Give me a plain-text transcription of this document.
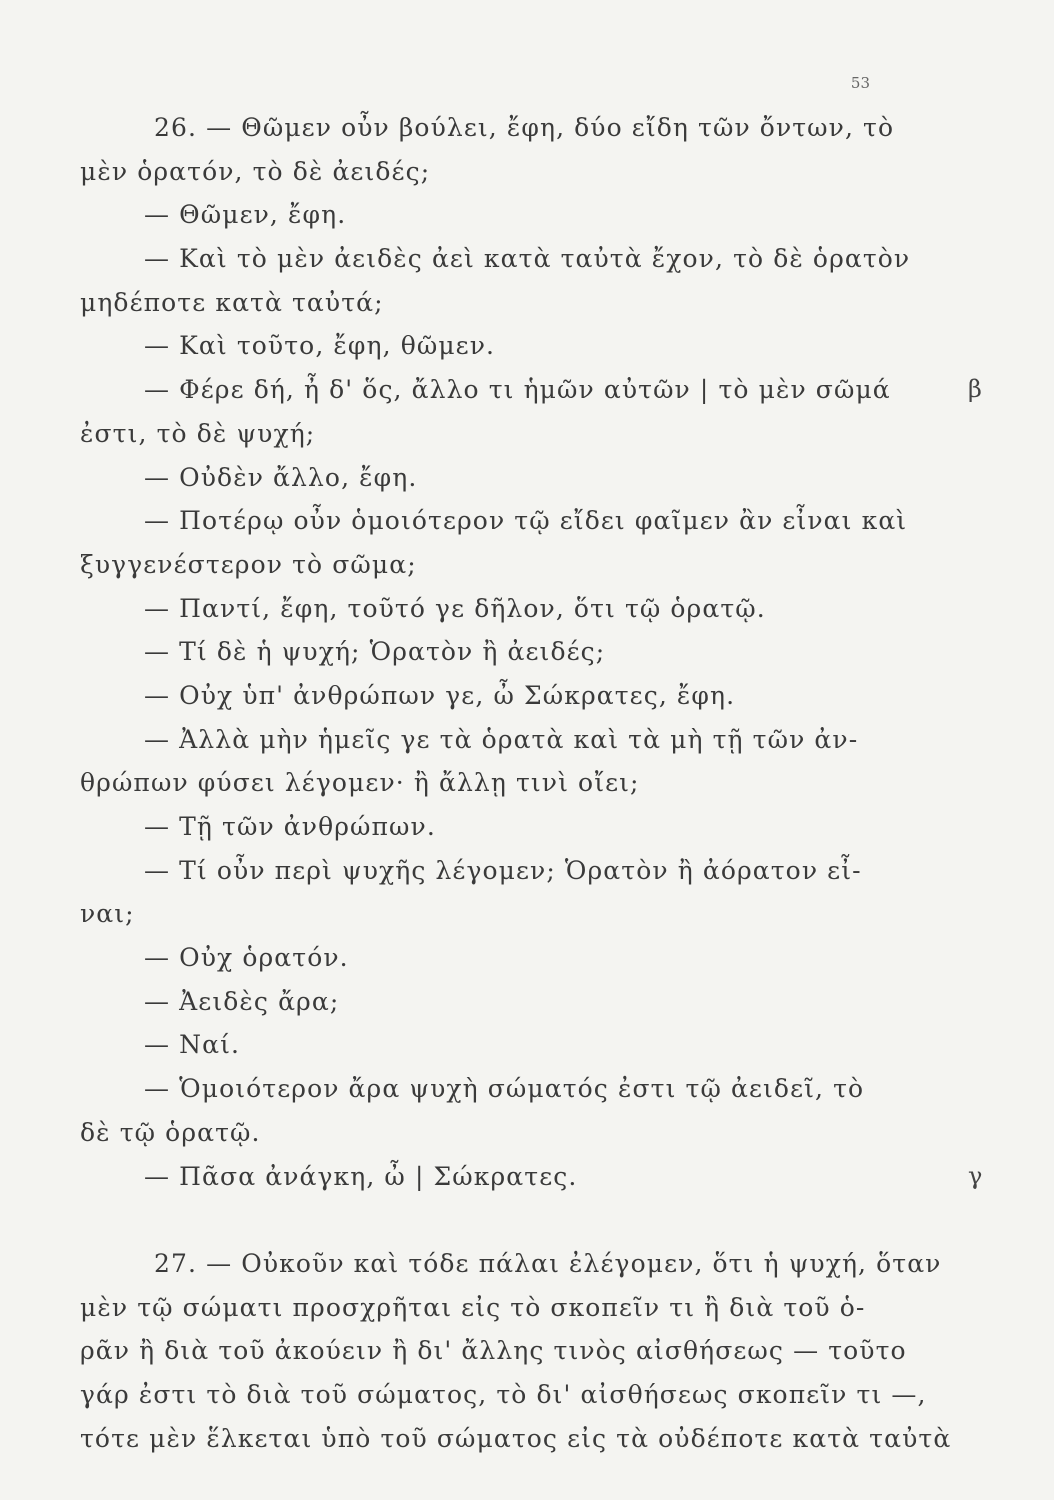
53
26. — Θῶμεν οὖν βούλει, ἔφη, δύο εἴδη τῶν ὄντων, τὸ
μὲν ὁρατόν, τὸ δὲ ἀειδές;
— Θῶμεν, ἔφη.
— Καὶ τὸ μὲν ἀειδὲς ἀεὶ κατὰ ταὐτὰ ἔχον, τὸ δὲ ὁρατὸν
μηδέποτε κατὰ ταὐτά;
— Καὶ τοῦτο, ἔφη, θῶμεν.
— Φέρε δή, ἦ δ' ὅς, ἄλλο τι ἡμῶν αὐτῶν | τὸ μὲν σῶμά	β
ἐστι, τὸ δὲ ψυχή;
— Οὐδὲν ἄλλο, ἔφη.
— Ποτέρῳ οὖν ὁμοιότερον τῷ εἴδει φαῖμεν ἂν εἶναι καὶ
ξυγγενέστερον τὸ σῶμα;
— Παντί, ἔφη, τοῦτό γε δῆλον, ὅτι τῷ ὁρατῷ.
— Τί δὲ ἡ ψυχή; Ὁρατὸν ἢ ἀειδές;
— Οὐχ ὑπ' ἀνθρώπων γε, ὦ Σώκρατες, ἔφη.
— Ἀλλὰ μὴν ἡμεῖς γε τὰ ὁρατὰ καὶ τὰ μὴ τῇ τῶν ἀν-
θρώπων φύσει λέγομεν· ἢ ἄλλῃ τινὶ οἴει;
— Τῇ τῶν ἀνθρώπων.
— Τί οὖν περὶ ψυχῆς λέγομεν; Ὁρατὸν ἢ ἀόρατον εἶ-
ναι;
— Οὐχ ὁρατόν.
— Ἀειδὲς ἄρα;
— Ναί.
— Ὁμοιότερον ἄρα ψυχὴ σώματός ἐστι τῷ ἀειδεῖ, τὸ
δὲ τῷ ὁρατῷ.
— Πᾶσα ἀνάγκη, ὦ | Σώκρατες.	γ
27. — Οὐκοῦν καὶ τόδε πάλαι ἐλέγομεν, ὅτι ἡ ψυχή, ὅταν
μὲν τῷ σώματι προσχρῆται εἰς τὸ σκοπεῖν τι ἢ διὰ τοῦ ὁ-
ρᾶν ἢ διὰ τοῦ ἀκούειν ἢ δι' ἄλλης τινὸς αἰσθήσεως — τοῦτο
γάρ ἐστι τὸ διὰ τοῦ σώματος, τὸ δι' αἰσθήσεως σκοπεῖν τι —,
τότε μὲν ἕλκεται ὑπὸ τοῦ σώματος εἰς τὰ οὐδέποτε κατὰ ταὐτὰ
